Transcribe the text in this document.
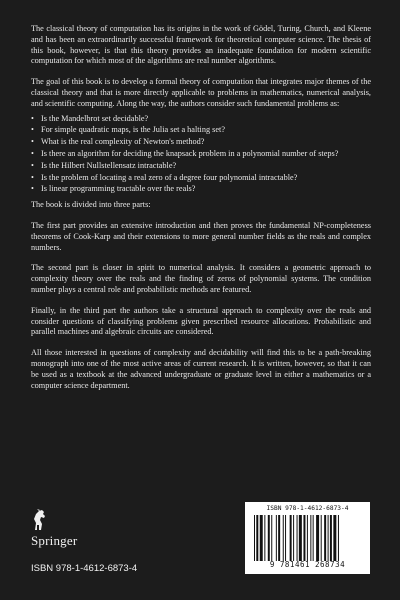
The classical theory of computation has its origins in the work of Gödel, Turing, Church, and Kleene and has been an extraordinarily successful framework for theoretical computer science. The thesis of this book, however, is that this theory provides an inadequate foundation for modern scientific computation for which most of the algorithms are real number algorithms.

The goal of this book is to develop a formal theory of computation that integrates major themes of the classical theory and that is more directly applicable to problems in mathematics, numerical analysis, and scientific computing. Along the way, the authors consider such fundamental problems as:

• Is the Mandelbrot set decidable?
• For simple quadratic maps, is the Julia set a halting set?
• What is the real complexity of Newton's method?
• Is there an algorithm for deciding the knapsack problem in a polynomial number of steps?
• Is the Hilbert Nullstellensatz intractable?
• Is the problem of locating a real zero of a degree four polynomial intractable?
• Is linear programming tractable over the reals?

The book is divided into three parts:

The first part provides an extensive introduction and then proves the fundamental NP-completeness theorems of Cook-Karp and their extensions to more general number fields as the reals and complex numbers.

The second part is closer in spirit to numerical analysis. It considers a geometric approach to complexity theory over the reals and the finding of zeros of polynomial systems. The condition number plays a central role and probabilistic methods are featured.

Finally, in the third part the authors take a structural approach to complexity over the reals and consider questions of classifying problems given prescribed resource allocations. Probabilistic and parallel machines and algebraic circuits are considered.

All those interested in questions of complexity and decidability will find this to be a path-breaking monograph into one of the most active areas of current research. It is written, however, so that it can be used as a textbook at the advanced undergraduate or graduate level in either a mathematics or a computer science department.

Springer
ISBN 978-1-4612-6873-4
ISBN 978-1-4612-6873-4
9 781461 268734
